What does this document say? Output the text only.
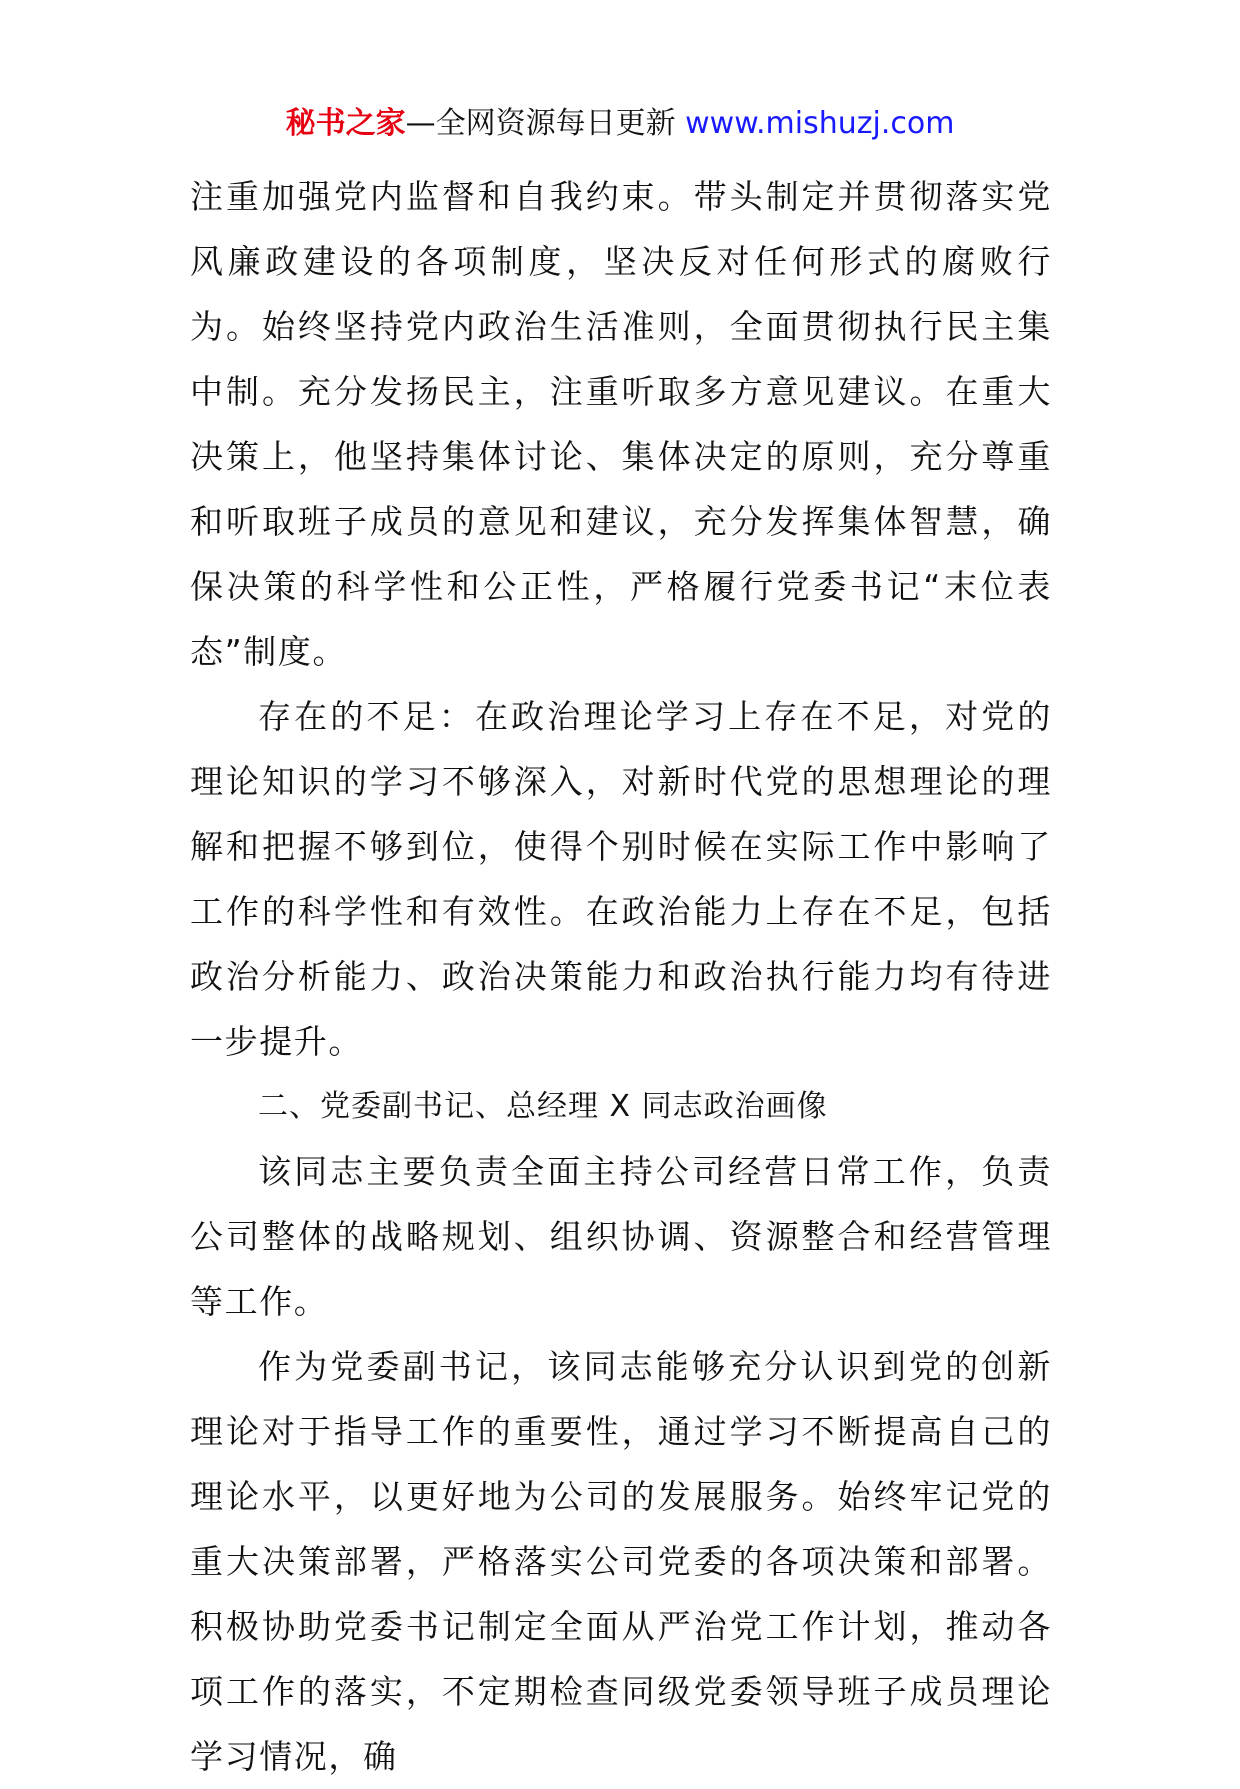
秘书之家—全网资源每日更新 www.mishuzj.com

注重加强党内监督和自我约束。带头制定并贯彻落实党风廉政建设的各项制度，坚决反对任何形式的腐败行为。始终坚持党内政治生活准则，全面贯彻执行民主集中制。充分发扬民主，注重听取多方意见建议。在重大决策上，他坚持集体讨论、集体决定的原则，充分尊重和听取班子成员的意见和建议，充分发挥集体智慧，确保决策的科学性和公正性，严格履行党委书记“末位表态”制度。

存在的不足：在政治理论学习上存在不足，对党的理论知识的学习不够深入，对新时代党的思想理论的理解和把握不够到位，使得个别时候在实际工作中影响了工作的科学性和有效性。在政治能力上存在不足，包括政治分析能力、政治决策能力和政治执行能力均有待进一步提升。

二、党委副书记、总经理 X 同志政治画像

该同志主要负责全面主持公司经营日常工作，负责公司整体的战略规划、组织协调、资源整合和经营管理等工作。

作为党委副书记，该同志能够充分认识到党的创新理论对于指导工作的重要性，通过学习不断提高自己的理论水平，以更好地为公司的发展服务。始终牢记党的重大决策部署，严格落实公司党委的各项决策和部署。积极协助党委书记制定全面从严治党工作计划，推动各项工作的落实，不定期检查同级党委领导班子成员理论学习情况，确
